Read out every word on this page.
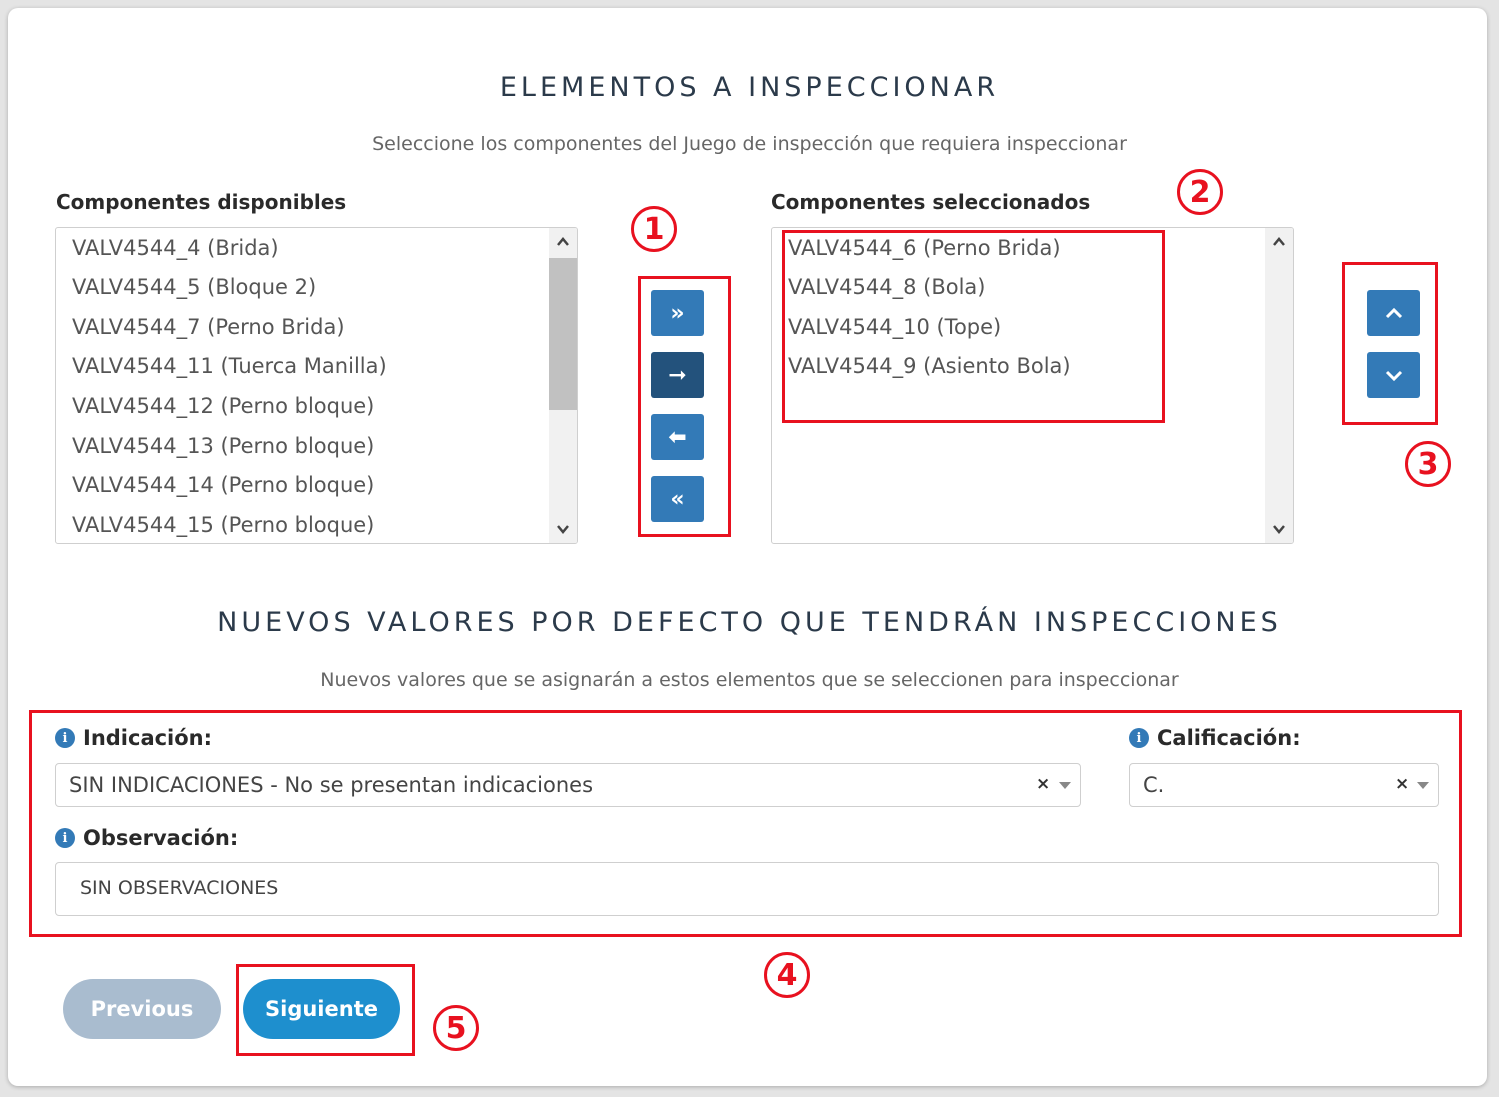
ELEMENTOS A INSPECCIONAR
Seleccione los componentes del Juego de inspección que requiera inspeccionar
Componentes disponibles
VALV4544_4 (Brida)
VALV4544_5 (Bloque 2)
VALV4544_7 (Perno Brida)
VALV4544_11 (Tuerca Manilla)
VALV4544_12 (Perno bloque)
VALV4544_13 (Perno bloque)
VALV4544_14 (Perno bloque)
VALV4544_15 (Perno bloque)
»
➞
⬅
«
Componentes seleccionados
VALV4544_6 (Perno Brida)
VALV4544_8 (Bola)
VALV4544_10 (Tope)
VALV4544_9 (Asiento Bola)
NUEVOS VALORES POR DEFECTO QUE TENDRÁN INSPECCIONES
Nuevos valores que se asignarán a estos elementos que se seleccionen para inspeccionar
i Indicación:
SIN INDICACIONES - No se presentan indicaciones	×
i Calificación:
C.	×
i Observación:
SIN OBSERVACIONES
Previous	Siguiente
1
2
3
4
5
